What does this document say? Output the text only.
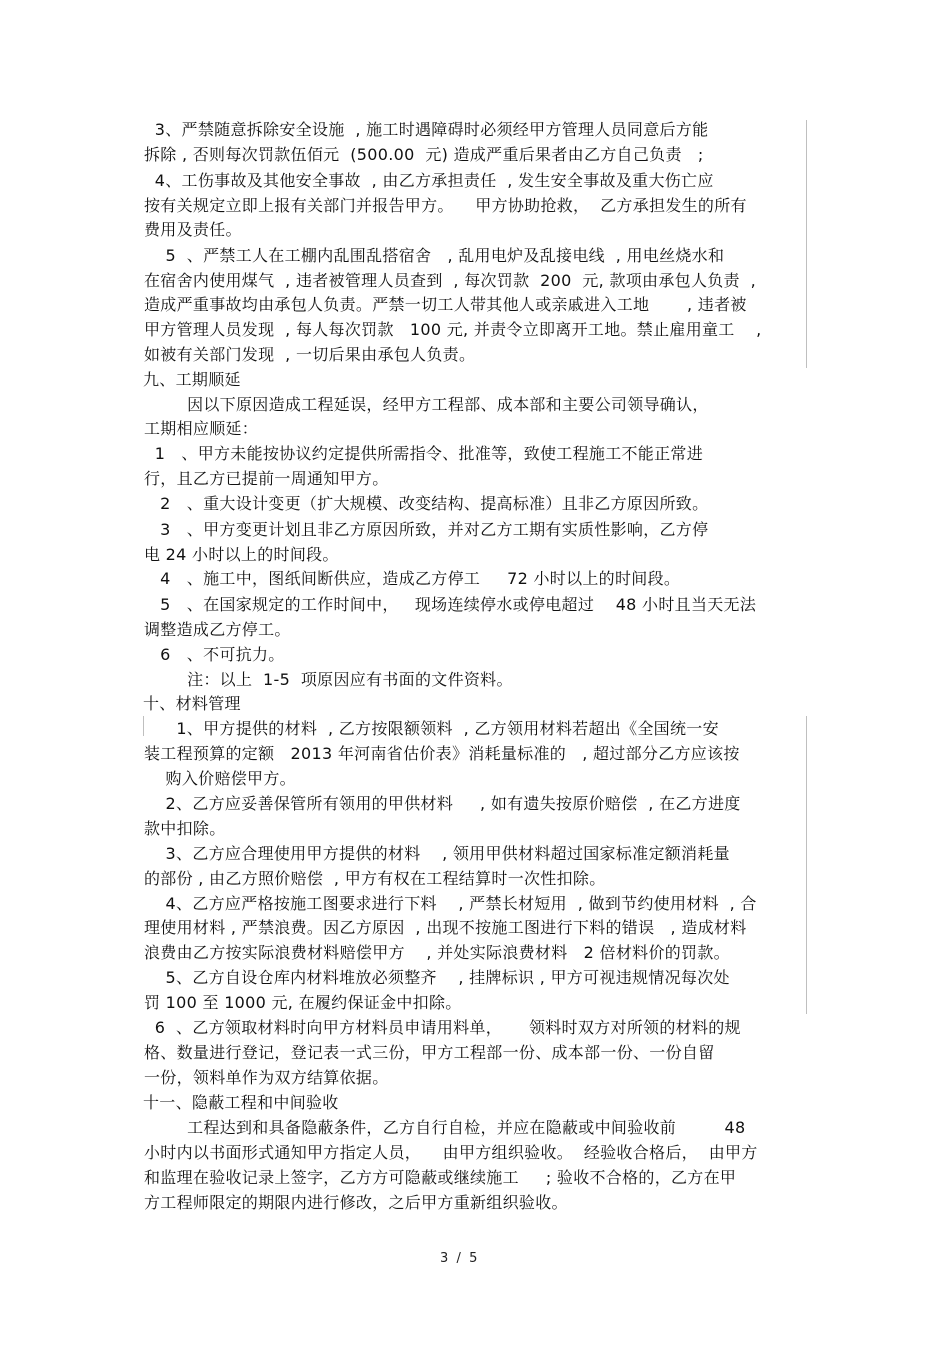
3、严禁随意拆除安全设施  , 施工时遇障碍时必须经甲方管理人员同意后方能
拆除 , 否则每次罚款伍佰元  (500.00  元) 造成严重后果者由乙方自己负责   ;
4、工伤事故及其他安全事故  , 由乙方承担责任  , 发生安全事故及重大伤亡应
按有关规定立即上报有关部门并报告甲方。    甲方协助抢救，  乙方承担发生的所有
费用及责任。
5  、严禁工人在工棚内乱围乱搭宿舍   , 乱用电炉及乱接电线  , 用电丝烧水和
在宿舍内使用煤气  , 违者被管理人员查到  , 每次罚款  200  元, 款项由承包人负责  ,
造成严重事故均由承包人负责。严禁一切工人带其他人或亲戚进入工地       , 违者被
甲方管理人员发现  , 每人每次罚款   100 元, 并责令立即离开工地。禁止雇用童工    ,
如被有关部门发现  , 一切后果由承包人负责。
九、工期顺延
因以下原因造成工程延误，经甲方工程部、成本部和主要公司领导确认，
工期相应顺延：
1   、甲方未能按协议约定提供所需指令、批准等，致使工程施工不能正常进
行，且乙方已提前一周通知甲方。
2   、重大设计变更（扩大规模、改变结构、提高标准）且非乙方原因所致。
3   、甲方变更计划且非乙方原因所致，并对乙方工期有实质性影响，乙方停
电 24 小时以上的时间段。
4   、施工中，图纸间断供应，造成乙方停工     72 小时以上的时间段。
5   、在国家规定的工作时间中，   现场连续停水或停电超过    48 小时且当天无法
调整造成乙方停工。
6   、不可抗力。
注：以上  1-5  项原因应有书面的文件资料。
十、材料管理
1、甲方提供的材料  , 乙方按限额领料  , 乙方领用材料若超出《全国统一安
装工程预算的定额   2013 年河南省估价表》消耗量标准的   , 超过部分乙方应该按
购入价赔偿甲方。
2、乙方应妥善保管所有领用的甲供材料     , 如有遗失按原价赔偿  , 在乙方进度
款中扣除。
3、乙方应合理使用甲方提供的材料    , 领用甲供材料超过国家标准定额消耗量
的部份 , 由乙方照价赔偿  , 甲方有权在工程结算时一次性扣除。
4、乙方应严格按施工图要求进行下料    , 严禁长材短用  , 做到节约使用材料  , 合
理使用材料 , 严禁浪费。因乙方原因  , 出现不按施工图进行下料的错误   , 造成材料
浪费由乙方按实际浪费材料赔偿甲方    , 并处实际浪费材料   2 倍材料价的罚款。
5、乙方自设仓库内材料堆放必须整齐    , 挂牌标识 , 甲方可视违规情况每次处
罚 100 至 1000 元, 在履约保证金中扣除。
6  、乙方领取材料时向甲方材料员申请用料单，     领料时双方对所领的材料的规
格、数量进行登记，登记表一式三份，甲方工程部一份、成本部一份、一份自留
一份，领料单作为双方结算依据。
十一、隐蔽工程和中间验收
工程达到和具备隐蔽条件，乙方自行自检，并应在隐蔽或中间验收前         48
小时内以书面形式通知甲方指定人员，    由甲方组织验收。  经验收合格后，  由甲方
和监理在验收记录上签字，乙方方可隐蔽或继续施工     ; 验收不合格的，乙方在甲
方工程师限定的期限内进行修改，之后甲方重新组织验收。
3  /  5
